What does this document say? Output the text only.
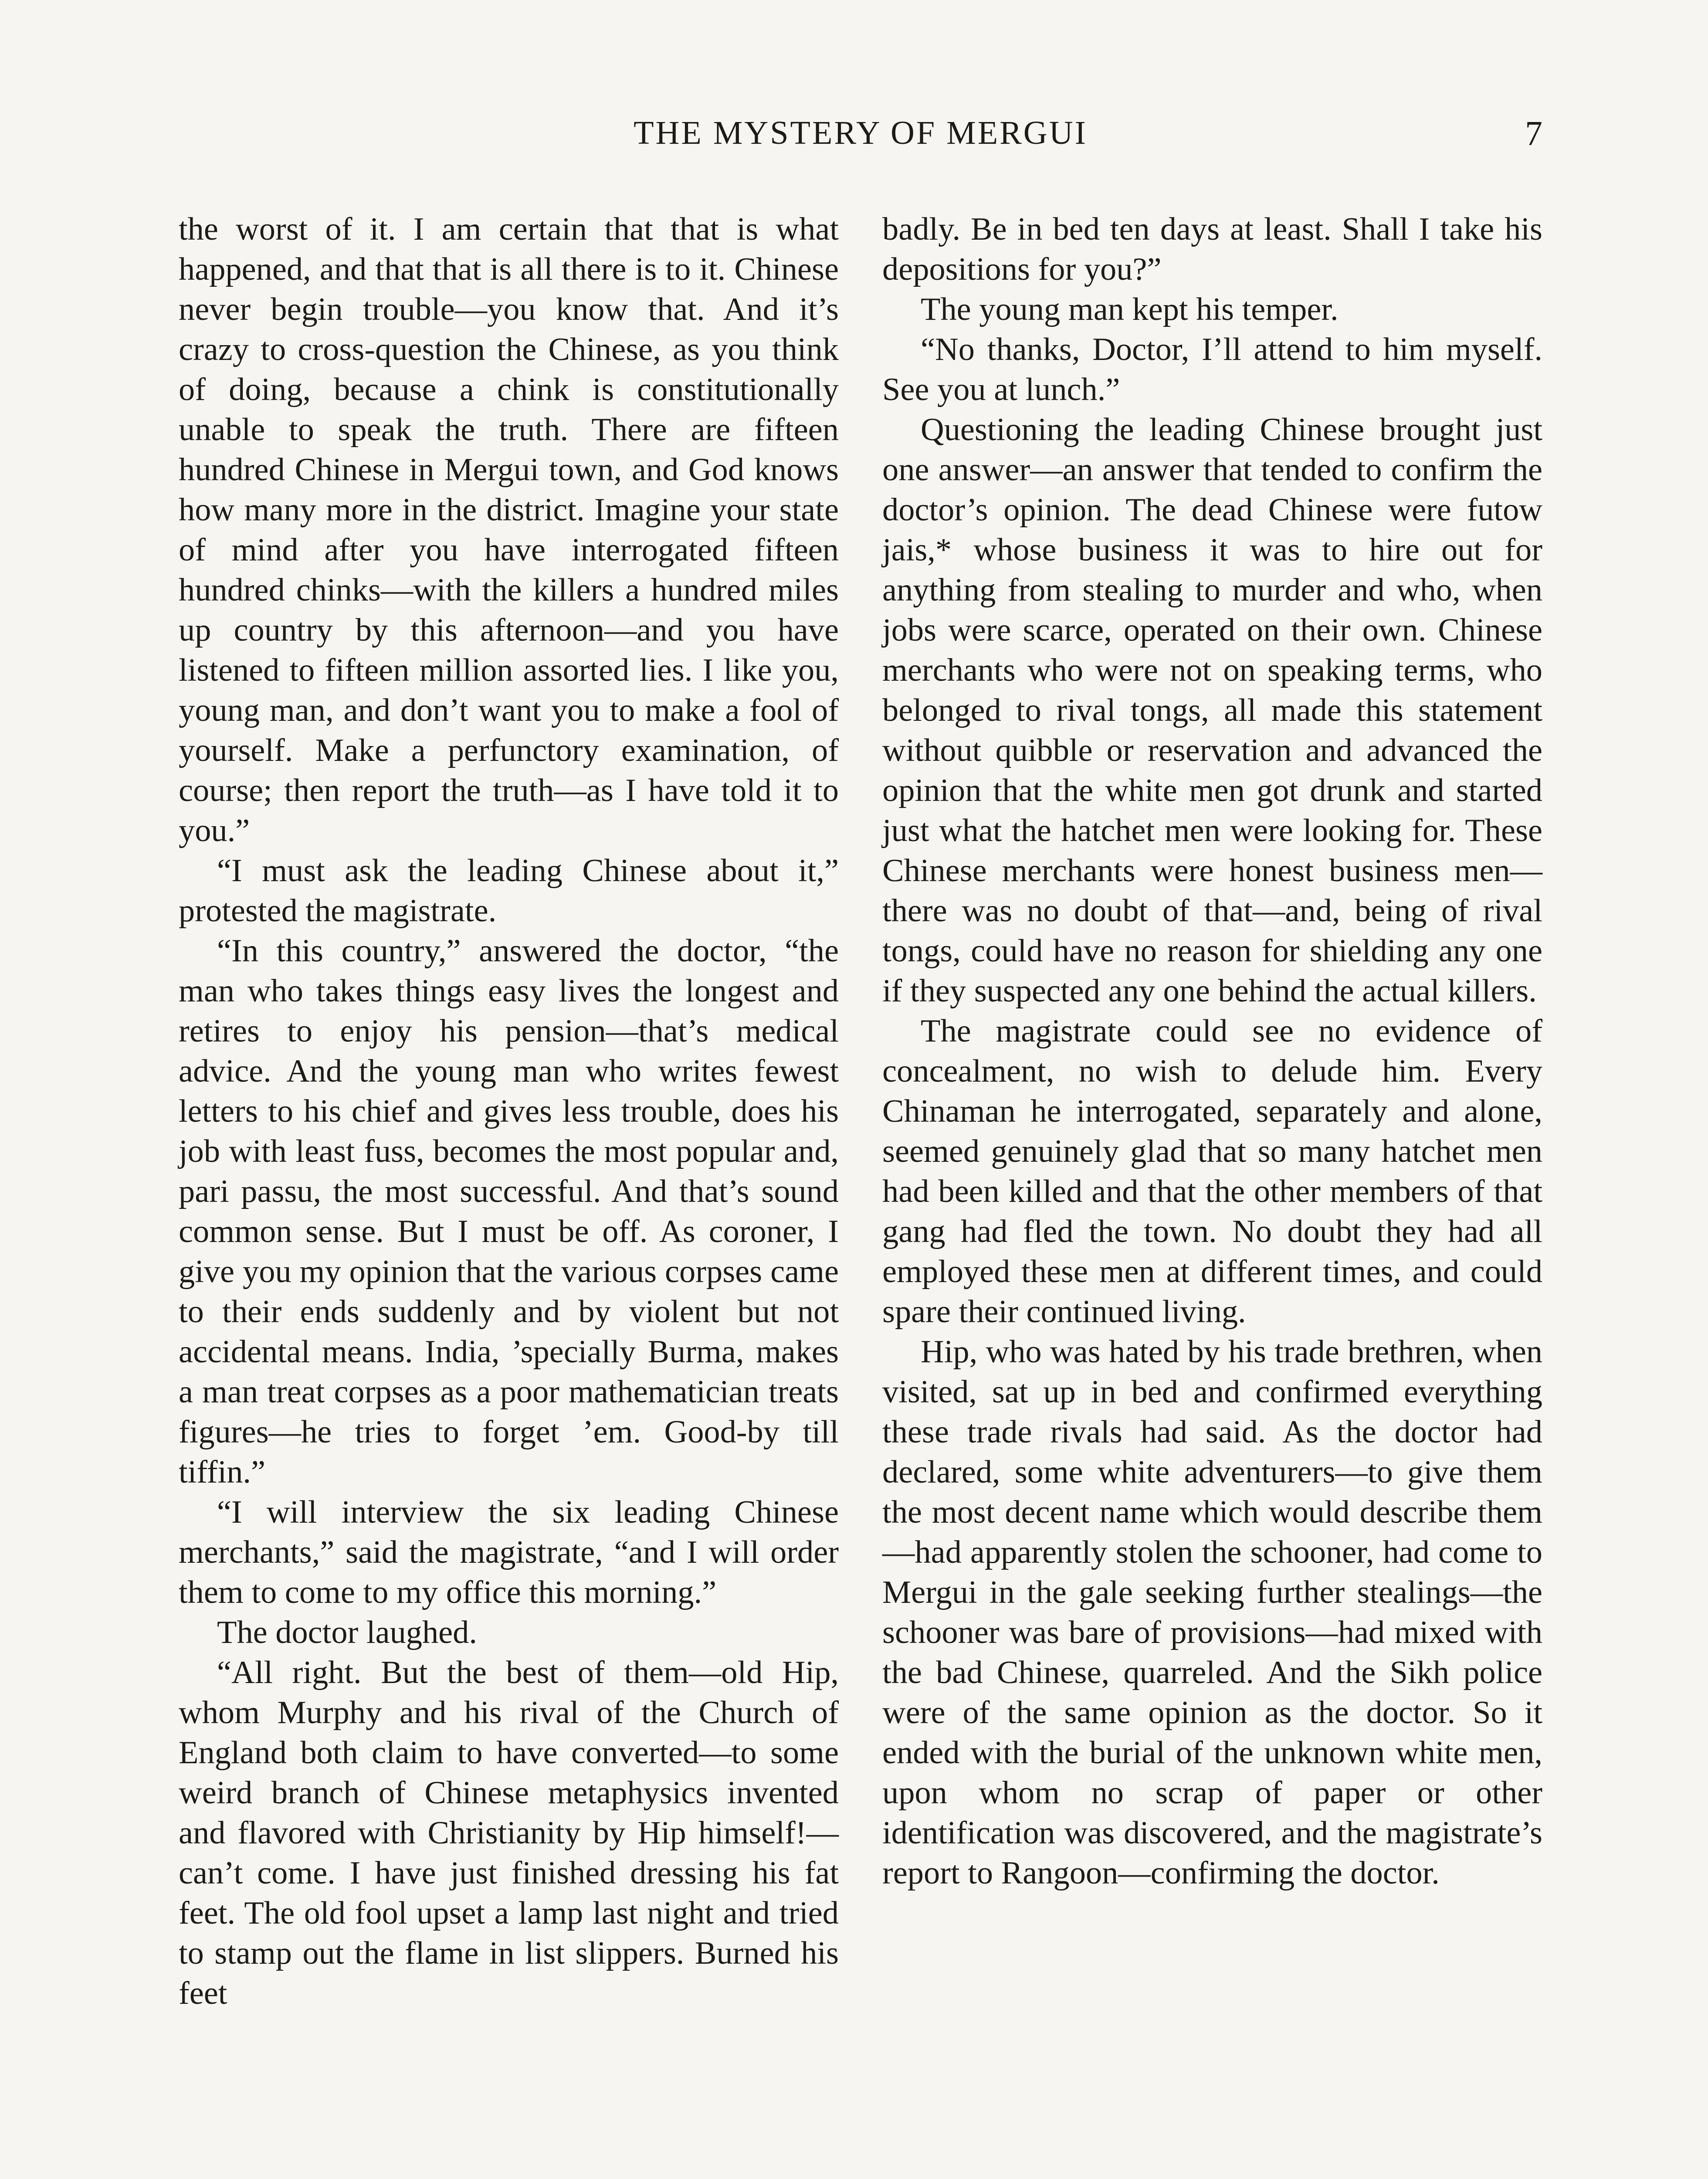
THE MYSTERY OF MERGUI	7

the worst of it. I am certain that that is what happened, and that that is all there is to it. Chinese never begin trouble—you know that. And it’s crazy to cross-question the Chinese, as you think of doing, because a chink is constitutionally unable to speak the truth. There are fifteen hundred Chinese in Mergui town, and God knows how many more in the district. Imagine your state of mind after you have interrogated fifteen hundred chinks—with the killers a hundred miles up country by this afternoon—and you have listened to fifteen million assorted lies. I like you, young man, and don’t want you to make a fool of yourself. Make a perfunctory examination, of course; then report the truth—as I have told it to you.”

“I must ask the leading Chinese about it,” protested the magistrate.

“In this country,” answered the doctor, “the man who takes things easy lives the longest and retires to enjoy his pension—that’s medical advice. And the young man who writes fewest letters to his chief and gives less trouble, does his job with least fuss, becomes the most popular and, pari passu, the most successful. And that’s sound common sense. But I must be off. As coroner, I give you my opinion that the various corpses came to their ends suddenly and by violent but not accidental means. India, ’specially Burma, makes a man treat corpses as a poor mathematician treats figures—he tries to forget ’em. Good-by till tiffin.”

“I will interview the six leading Chinese merchants,” said the magistrate, “and I will order them to come to my office this morning.”

The doctor laughed.

“All right. But the best of them—old Hip, whom Murphy and his rival of the Church of England both claim to have converted—to some weird branch of Chinese metaphysics invented and flavored with Christianity by Hip himself!—can’t come. I have just finished dressing his fat feet. The old fool upset a lamp last night and tried to stamp out the flame in list slippers. Burned his feet

badly. Be in bed ten days at least. Shall I take his depositions for you?”

The young man kept his temper.

“No thanks, Doctor, I’ll attend to him myself. See you at lunch.”

Questioning the leading Chinese brought just one answer—an answer that tended to confirm the doctor’s opinion. The dead Chinese were futow jais,* whose business it was to hire out for anything from stealing to murder and who, when jobs were scarce, operated on their own. Chinese merchants who were not on speaking terms, who belonged to rival tongs, all made this statement without quibble or reservation and advanced the opinion that the white men got drunk and started just what the hatchet men were looking for. These Chinese merchants were honest business men—there was no doubt of that—and, being of rival tongs, could have no reason for shielding any one if they suspected any one behind the actual killers.

The magistrate could see no evidence of concealment, no wish to delude him. Every Chinaman he interrogated, separately and alone, seemed genuinely glad that so many hatchet men had been killed and that the other members of that gang had fled the town. No doubt they had all employed these men at different times, and could spare their continued living.

Hip, who was hated by his trade brethren, when visited, sat up in bed and confirmed everything these trade rivals had said. As the doctor had declared, some white adventurers—to give them the most decent name which would describe them—had apparently stolen the schooner, had come to Mergui in the gale seeking further stealings—the schooner was bare of provisions—had mixed with the bad Chinese, quarreled. And the Sikh police were of the same opinion as the doctor. So it ended with the burial of the unknown white men, upon whom no scrap of paper or other identification was discovered, and the magistrate’s report to Rangoon—confirming the doctor.
